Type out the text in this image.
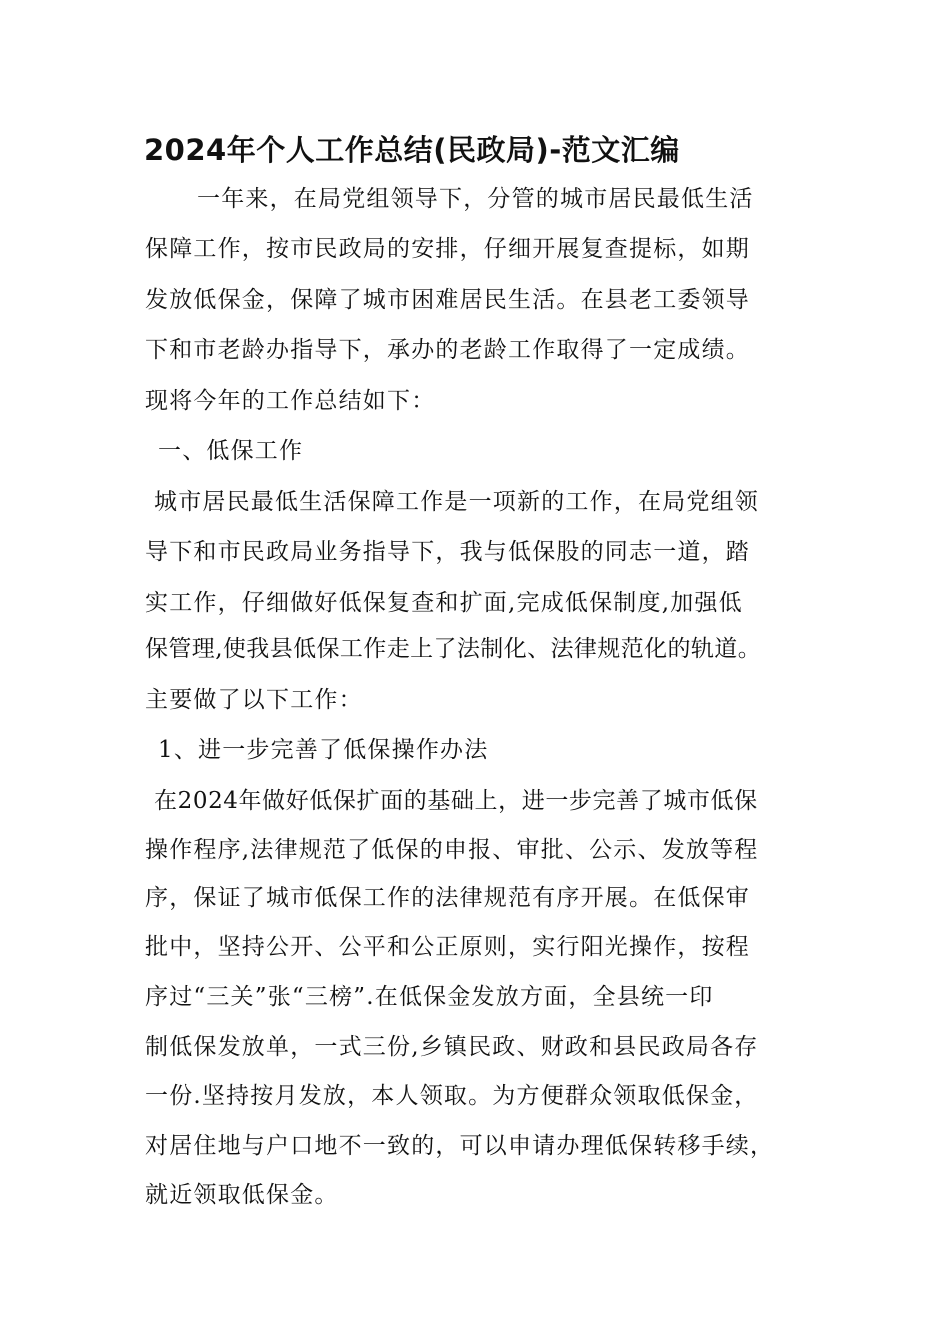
2024年个人工作总结(民政局)-范文汇编
一年来，在局党组领导下，分管的城市居民最低生活
保障工作，按市民政局的安排，仔细开展复查提标，如期
发放低保金，保障了城市困难居民生活。在县老工委领导
下和市老龄办指导下，承办的老龄工作取得了一定成绩。
现将今年的工作总结如下：
一、低保工作
城市居民最低生活保障工作是一项新的工作，在局党组领
导下和市民政局业务指导下，我与低保股的同志一道，踏
实工作，仔细做好低保复查和扩面,完成低保制度,加强低
保管理,使我县低保工作走上了法制化、法律规范化的轨道。
主要做了以下工作：
1、进一步完善了低保操作办法
在2024年做好低保扩面的基础上，进一步完善了城市低保
操作程序,法律规范了低保的申报、审批、公示、发放等程
序，保证了城市低保工作的法律规范有序开展。在低保审
批中，坚持公开、公平和公正原则，实行阳光操作，按程
序过“三关”张“三榜”.在低保金发放方面，全县统一印
制低保发放单，一式三份,乡镇民政、财政和县民政局各存
一份.坚持按月发放，本人领取。为方便群众领取低保金，
对居住地与户口地不一致的，可以申请办理低保转移手续，
就近领取低保金。
